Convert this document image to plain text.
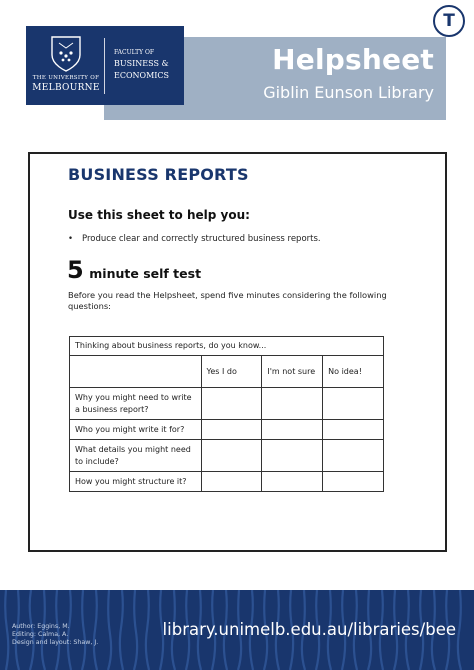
Helpsheet
Giblin Eunson Library
THE UNIVERSITY OF
MELBOURNE
FACULTY OF
BUSINESS &
ECONOMICS
T
BUSINESS REPORTS
Use this sheet to help you:
• Produce clear and correctly structured business reports.
5 minute self test
Before you read the Helpsheet, spend five minutes considering the following questions:
Thinking about business reports, do you know...			
	Yes I do	I'm not sure	No idea!
Why you might need to write a business report?			
Who you might write it for?			
What details you might need to include?			
How you might structure it?			
Author: Eggins, M.
Editing: Calma, A.
Design and layout: Shaw, J.
library.unimelb.edu.au/libraries/bee
